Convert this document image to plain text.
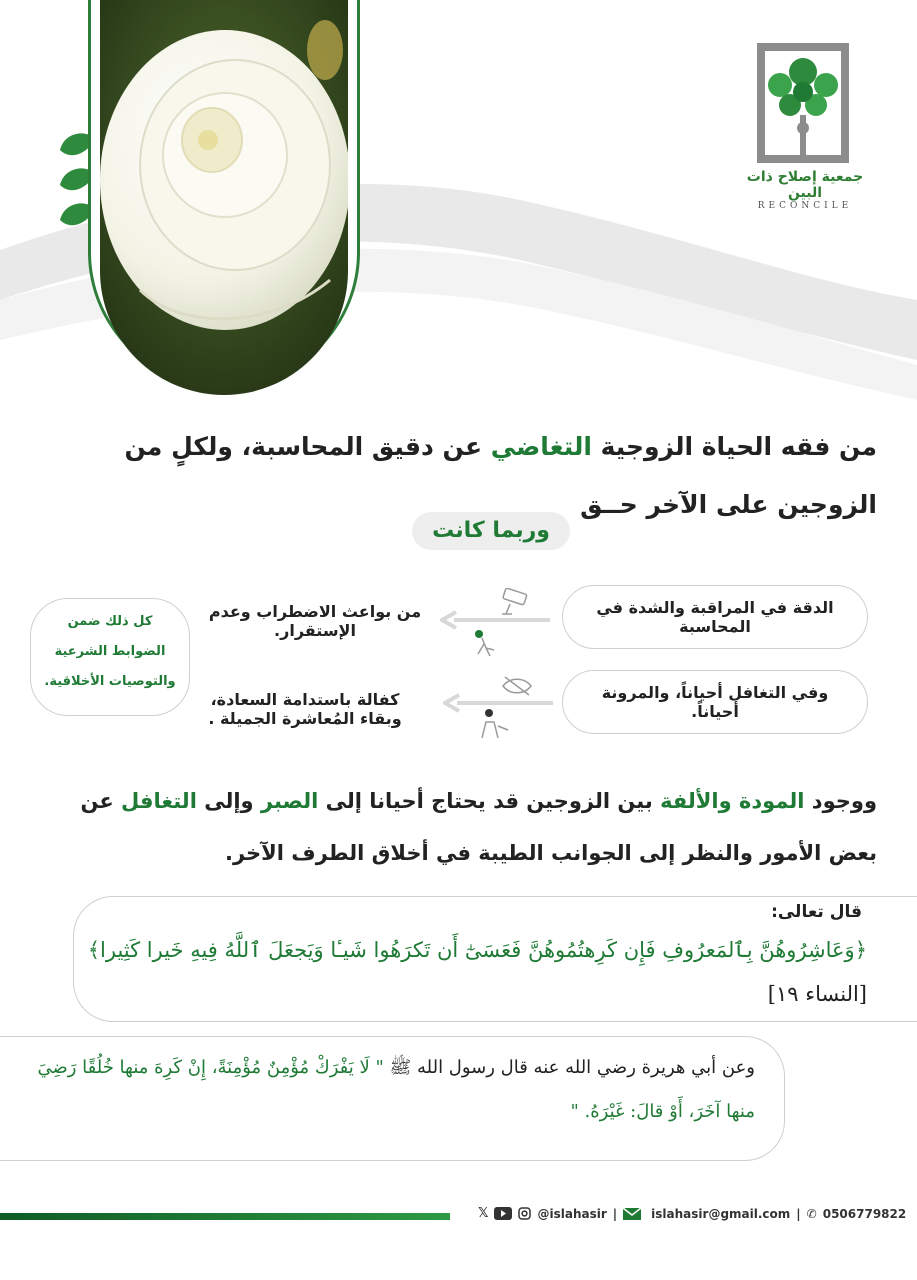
جمعية إصلاح ذات البين
RECONCILE
من فقه الحياة الزوجية التغاضي عن دقيق المحاسبة، ولكلٍ من الزوجين على الآخر حــق
وربما كانت
الدقة في المراقبة والشدة في المحاسبة
من بواعث الاضطراب وعدم الإستقرار.
وفي التغافل أحياناً، والمرونة أحياناً.
كفالة باستدامة السعادة، وبقاء المُعاشرة الجميلة .
كل ذلك ضمن
الضوابط الشرعية
والتوصيات الأخلاقية.
ووجود المودة والألفة بين الزوجين قد يحتاج أحيانا إلى الصبر وإلى التغافل عن بعض الأمور والنظر إلى الجوانب الطيبة في أخلاق الطرف الآخر.
قال تعالى:
﴿وَعَاشِرُوهُنَّ بِٱلمَعرُوفِ فَإِن كَرِهتُمُوهُنَّ فَعَسَىٰٓ أَن تَكرَهُوا شَيـٔا وَيَجعَلَ ٱللَّهُ فِيهِ خَيرا كَثِيرا﴾ [النساء ١٩]
وعن أبي هريرة رضي الله عنه قال رسول الله ﷺ " لَا يَفْرَكْ مُؤْمِنٌ مُؤْمِنَةً، إِنْ كَرِهَ منها خُلُقًا رَضِيَ منها آخَرَ، أَوْ قالَ: غَيْرَهُ. "
𝕏	@islahasir |	islahasir@gmail.com | ✆ 0506779822
